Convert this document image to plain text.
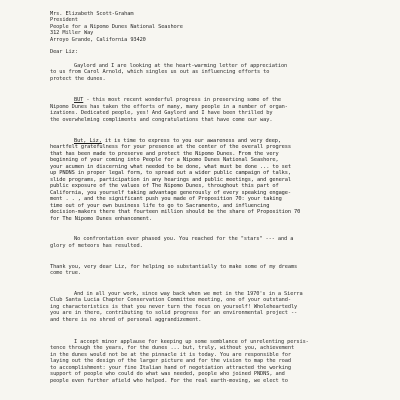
Mrs. Elizabeth Scott-Graham

President

People for a Nipomo Dunes National Seashore

312 Miller Way

Arroyo Grande, California 93420

Dear Liz:

Gaylord and I are looking at the heart-warming letter of appreciation

to us from Carol Arnold, which singles us out as influencing efforts to

protect the dunes.

BUT - this most recent wonderful progress in preserving some of the

Nipomo Dunes has taken the efforts of many, many people in a number of organ-

izations. Dedicated people, yes! And Gaylord and I have been thrilled by

the overwhelming compliments and congratulations that have come our way.

But, Liz, it is time to express to you our awareness and very deep,

heartfelt gratefulness for your presence at the center of the overall progress

that has been made to preserve and protect the Nipomo Dunes. From the very

beginning of your coming into People for a Nipomo Dunes National Seashore,

your acumen in discerning what needed to be done, what must be done ... to set

up PNDNS in proper legal form, to spread out a wider public campaign of talks,

slide programs, participation in any hearings and public meetings, and general

public exposure of the values of The Nipomo Dunes, throughout this part of

California, you yourself taking advantage generously of every speaking engage-

ment . . , and the significant push you made of Proposition 70: your taking

time out of your own business life to go to Sacramento, and influencing

decision-makers there that fourteen million should be the share of Proposition 70

for The Nipomo Dunes enhancement.

No confrontation ever phased you. You reached for the "stars" --- and a

glory of meteors has resulted.

Thank you, very dear Liz, for helping so substantially to make some of my dreams

come true.

And in all your work, since way back when we met in the 1970's in a Sierra

Club Santa Lucia Chapter Conservation Committee meeting, one of your outstand-

ing characteristics is that you never turn the focus on yourself! Wholeheartedly

you are in there, contributing to solid progress for an environmental project --

and there is no shred of personal aggrandizement.

I accept minor applause for keeping up some semblance of unrelenting persis-

tence through the years, for the dunes ... but, truly, without you, achievement

in the dunes would not be at the pinnacle it is today. You are responsible for

laying out the design of the larger picture and for the vision to map the road

to accomplishment: your fine Italian hand of negotiation attracted the working

support of people who could do what was needed, people who joined PNDNS, and

people even further afield who helped. For the real earth-moving, we elect to
